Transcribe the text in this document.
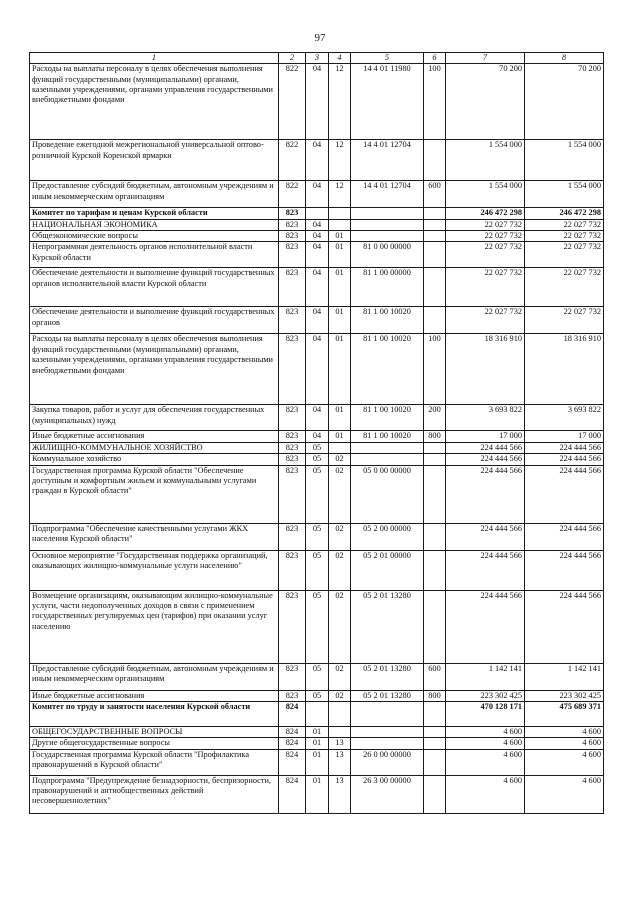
97
1	2	3	4	5	6	7	8
Расходы на выплаты персоналу в целях обеспечения выполнения функций государственными (муниципальными) органами, казенными учреждениями, органами управления государственными внебюджетными фондами	822	04	12	14 4 01 11980	100	70 200	70 200
Проведение ежегодной межрегиональной универсальной оптово-розничной Курской Коренской ярмарки	822	04	12	14 4 01 12704		1 554 000	1 554 000
Предоставление субсидий бюджетным, автономным учреждениям и иным некоммерческим организациям	822	04	12	14 4 01 12704	600	1 554 000	1 554 000
Комитет по тарифам и ценам Курской области	823					246 472 298	246 472 298
НАЦИОНАЛЬНАЯ ЭКОНОМИКА	823	04				22 027 732	22 027 732
Общеэкономические вопросы	823	04	01			22 027 732	22 027 732
Непрограммная деятельность органов исполнительной власти Курской области	823	04	01	81 0 00 00000		22 027 732	22 027 732
Обеспечение деятельности и выполнение функций государственных органов исполнительной власти Курской области	823	04	01	81 1 00 00000		22 027 732	22 027 732
Обеспечение деятельности и выполнение функций государственных органов	823	04	01	81 1 00 10020		22 027 732	22 027 732
Расходы на выплаты персоналу в целях обеспечения выполнения функций государственными (муниципальными) органами, казенными учреждениями, органами управления государственными внебюджетными фондами	823	04	01	81 1 00 10020	100	18 316 910	18 316 910
Закупка товаров, работ и услуг для обеспечения государственных (муниципальных) нужд	823	04	01	81 1 00 10020	200	3 693 822	3 693 822
Иные бюджетные ассигнования	823	04	01	81 1 00 10020	800	17 000	17 000
ЖИЛИЩНО-КОММУНАЛЬНОЕ ХОЗЯЙСТВО	823	05				224 444 566	224 444 566
Коммунальное хозяйство	823	05	02			224 444 566	224 444 566
Государственная программа Курской области "Обеспечение доступным и комфортным жильем и коммунальными услугами граждан в Курской области"	823	05	02	05 0 00 00000		224 444 566	224 444 566
Подпрограмма "Обеспечение качественными услугами ЖКХ населения Курской области"	823	05	02	05 2 00 00000		224 444 566	224 444 566
Основное мероприятие "Государственная поддержка организаций, оказывающих жилищно-коммунальные услуги населению"	823	05	02	05 2 01 00000		224 444 566	224 444 566
Возмещение организациям, оказывающим жилищно-коммунальные услуги, части недополученных доходов в связи с применением государственных регулируемых цен (тарифов) при оказании услуг населению	823	05	02	05 2 01 13280		224 444 566	224 444 566
Предоставление субсидий бюджетным, автономным учреждениям и иным некоммерческим организациям	823	05	02	05 2 01 13280	600	1 142 141	1 142 141
Иные бюджетные ассигнования	823	05	02	05 2 01 13280	800	223 302 425	223 302 425
Комитет по труду и занятости населения Курской области	824					470 128 171	475 689 371
ОБЩЕГОСУДАРСТВЕННЫЕ ВОПРОСЫ	824	01				4 600	4 600
Другие общегосударственные вопросы	824	01	13			4 600	4 600
Государственная программа Курской области "Профилактика правонарушений в Курской области"	824	01	13	26 0 00 00000		4 600	4 600
Подпрограмма "Предупреждение безнадзорности, беспризорности, правонарушений и антиобщественных действий несовершеннолетних"	824	01	13	26 3 00 00000		4 600	4 600
